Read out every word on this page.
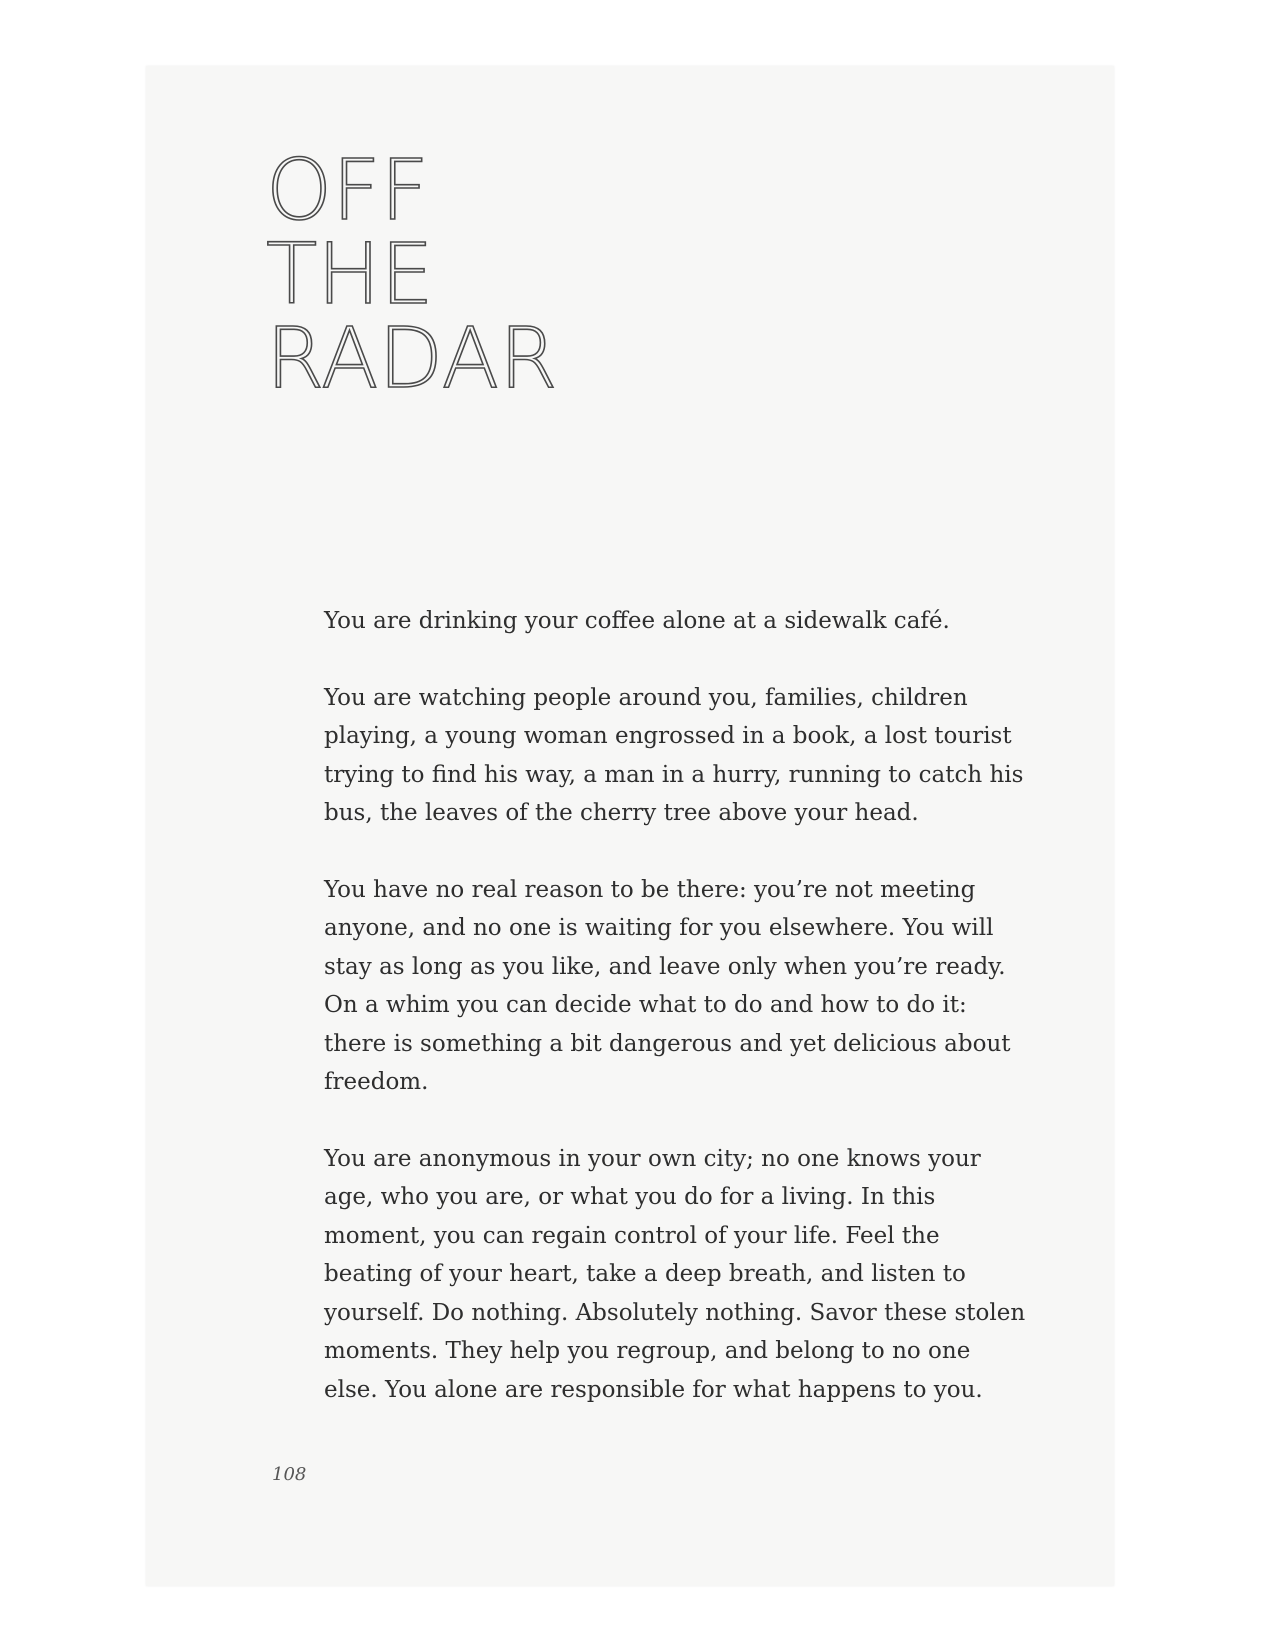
OFF
THE
RADAR

You are drinking your coffee alone at a sidewalk café.

You are watching people around you, families, children playing, a young woman engrossed in a book, a lost tourist trying to find his way, a man in a hurry, running to catch his bus, the leaves of the cherry tree above your head.

You have no real reason to be there: you’re not meeting anyone, and no one is waiting for you elsewhere. You will stay as long as you like, and leave only when you’re ready. On a whim you can decide what to do and how to do it: there is something a bit dangerous and yet delicious about freedom.

You are anonymous in your own city; no one knows your age, who you are, or what you do for a living. In this moment, you can regain control of your life. Feel the beating of your heart, take a deep breath, and listen to yourself. Do nothing. Absolutely nothing. Savor these stolen moments. They help you regroup, and belong to no one else. You alone are responsible for what happens to you.

108
